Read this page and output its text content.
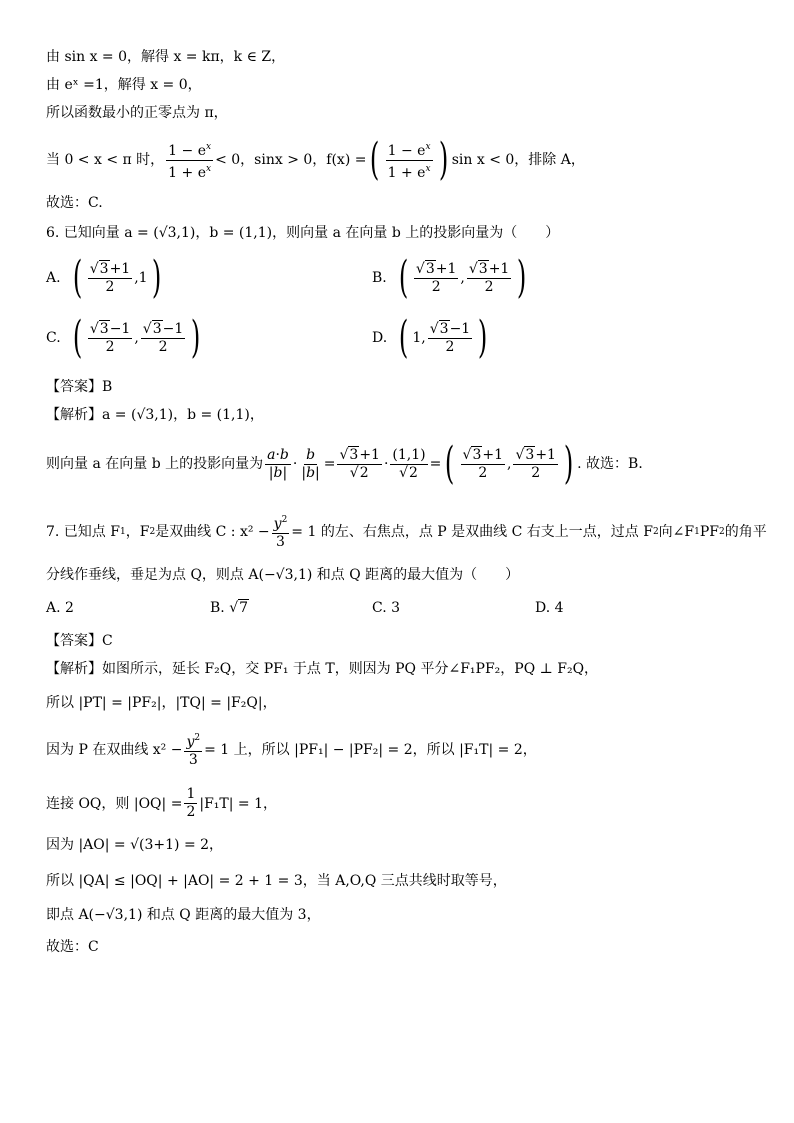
由 sin x = 0，解得 x = kπ，k ∈ Z，
由 eˣ =1，解得 x = 0，
所以函数最小的正零点为 π，
当 0 < x < π 时， $\frac{1 - e^x}{1 + e^x} < 0$，sinx > 0，f(x) = ( $\frac{1 - e^x}{1 + e^x}$ ) sin x < 0，排除 A，
故选：C.
6. 已知向量 a = (√3,1)，b = (1,1)，则向量 a 在向量 b 上的投影向量为（　　）
A. ( $\frac{√3+1}{2} ,1$ )	B. ( $\frac{√3+1}{2}$ , $\frac{√3+1}{2}$ )
C. ( $\frac{√3-1}{2}$ , $\frac{√3-1}{2}$ )	D. ( 1, $\frac{√3-1}{2}$ )
【答案】B
【解析】a = (√3,1)，b = (1,1)，
则向量 a 在向量 b 上的投影向量为 $\frac{a\cdot b}{|b|} \cdot \frac{b}{|b|} = \frac{√3+1}{√2} \cdot \frac{(1,1)}{√2}$ = ( $\frac{√3+1}{2}$ , $\frac{√3+1}{2}$ ) . 故选：B．
7. 已知点 F 1 ，F 2 是双曲线 C : $x^2 - \frac{y^2}{3} = 1$ 的左、右焦点，点 P 是双曲线 C 右支上一点，过点 F 2 向∠F 1 PF 2 的角平
分线作垂线，垂足为点 Q，则点 A(−√3,1) 和点 Q 距离的最大值为（　　）
A. 2	B. √7	C. 3	D. 4
【答案】C
【解析】如图所示，延长 F₂Q，交 PF₁ 于点 T，则因为 PQ 平分∠F₁PF₂，PQ ⊥ F₂Q，
所以 |PT| = |PF₂|，|TQ| = |F₂Q|，
因为 P 在双曲线 $x^2 - \frac{y^2}{3} = 1$ 上，所以 |PF₁| − |PF₂| = 2，所以 |F₁T| = 2，
连接 OQ，则 $|OQ| = \frac{1}{2} |F_1T| = 1$，
因为 |AO| = √(3+1) = 2，
所以 |QA| ≤ |OQ| + |AO| = 2 + 1 = 3，当 A,O,Q 三点共线时取等号，
即点 A(−√3,1) 和点 Q 距离的最大值为 3，
故选：C
